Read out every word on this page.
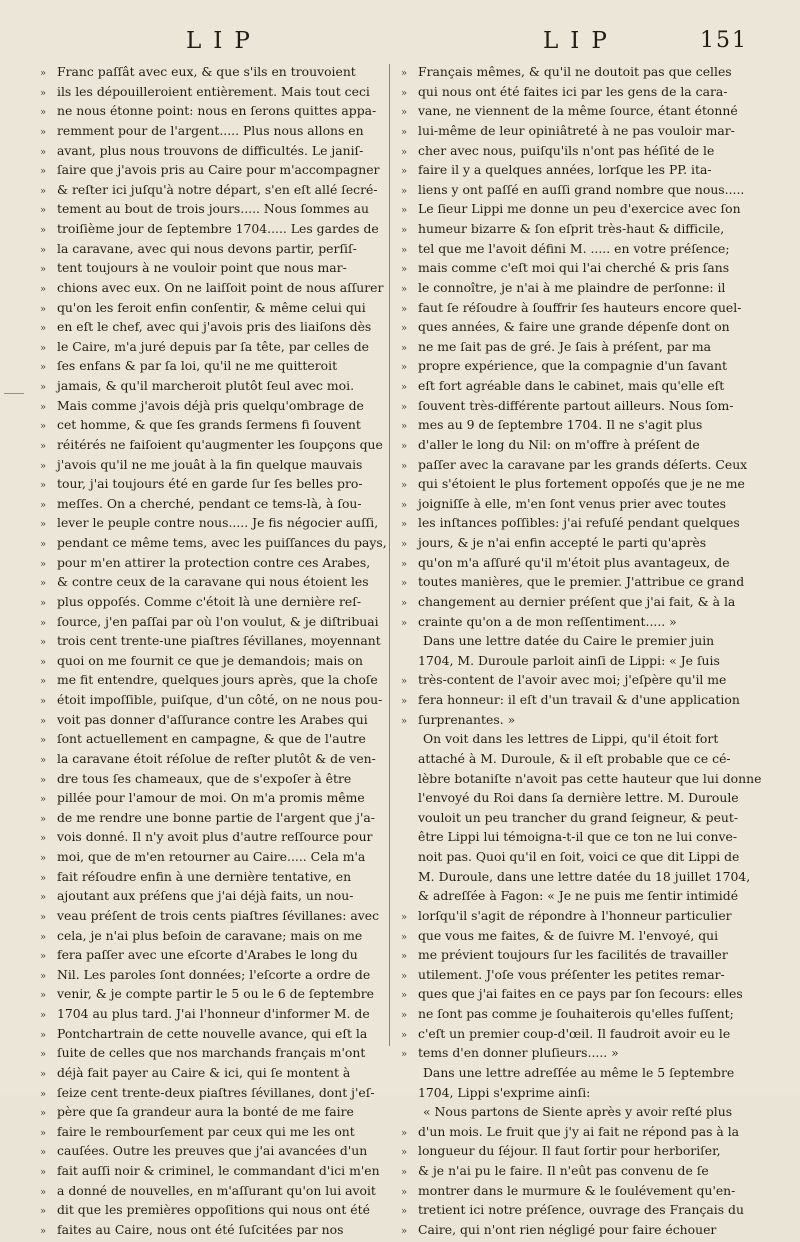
LIP	LIP	151
» Franc paſſât avec eux, & que s'ils en trouvoient
» ils les dépouilleroient entièrement. Mais tout ceci
» ne nous étonne point: nous en ſerons quittes appa-
» remment pour de l'argent..... Plus nous allons en
» avant, plus nous trouvons de difficultés. Le janiſ-
» ſaire que j'avois pris au Caire pour m'accompagner
» & reſter ici juſqu'à notre départ, s'en eſt allé ſecré-
» tement au bout de trois jours..... Nous ſommes au
» troiſième jour de ſeptembre 1704..... Les gardes de
» la caravane, avec qui nous devons partir, perſiſ-
» tent toujours à ne vouloir point que nous mar-
» chions avec eux. On ne laiſſoit point de nous aſſurer
» qu'on les feroit enfin conſentir, & même celui qui
» en eſt le chef, avec qui j'avois pris des liaiſons dès
» le Caire, m'a juré depuis par ſa tête, par celles de
» ſes enfans & par ſa loi, qu'il ne me quitteroit
» jamais, & qu'il marcheroit plutôt ſeul avec moi.
» Mais comme j'avois déjà pris quelqu'ombrage de
» cet homme, & que ſes grands ſermens fi ſouvent
» réitérés ne faiſoient qu'augmenter les ſoupçons que
» j'avois qu'il ne me jouât à la fin quelque mauvais
» tour, j'ai toujours été en garde ſur ſes belles pro-
» meſſes. On a cherché, pendant ce tems-là, à ſou-
» lever le peuple contre nous..... Je fis négocier auſſi,
» pendant ce même tems, avec les puiſſances du pays,
» pour m'en attirer la protection contre ces Arabes,
» & contre ceux de la caravane qui nous étoient les
» plus oppoſés. Comme c'étoit là une dernière reſ-
» ſource, j'en paſſai par où l'on voulut, & je diſtribuai
» trois cent trente-une piaſtres ſévillanes, moyennant
» quoi on me fournit ce que je demandois; mais on
» me fit entendre, quelques jours après, que la choſe
» étoit impoſſible, puiſque, d'un côté, on ne nous pou-
» voit pas donner d'aſſurance contre les Arabes qui
» ſont actuellement en campagne, & que de l'autre
» la caravane étoit réſolue de reſter plutôt & de ven-
» dre tous ſes chameaux, que de s'expoſer à être
» pillée pour l'amour de moi. On m'a promis même
» de me rendre une bonne partie de l'argent que j'a-
» vois donné. Il n'y avoit plus d'autre reſſource pour
» moi, que de m'en retourner au Caire..... Cela m'a
» fait réſoudre enfin à une dernière tentative, en
» ajoutant aux préſens que j'ai déjà faits, un nou-
» veau préſent de trois cents piaſtres ſévillanes: avec
» cela, je n'ai plus beſoin de caravane; mais on me
» fera paſſer avec une eſcorte d'Arabes le long du
» Nil. Les paroles ſont données; l'eſcorte a ordre de
» venir, & je compte partir le 5 ou le 6 de ſeptembre
» 1704 au plus tard. J'ai l'honneur d'informer M. de
» Pontchartrain de cette nouvelle avance, qui eſt la
» ſuite de celles que nos marchands français m'ont
» déjà fait payer au Caire & ici, qui ſe montent à
» ſeize cent trente-deux piaſtres ſévillanes, dont j'eſ-
» père que ſa grandeur aura la bonté de me faire
» faire le rembourſement par ceux qui me les ont
» cauſées. Outre les preuves que j'ai avancées d'un
» fait auſſi noir & criminel, le commandant d'ici m'en
» a donné de nouvelles, en m'aſſurant qu'on lui avoit
» dit que les premières oppoſitions qui nous ont été
» faites au Caire, nous ont été ſuſcitées par nos
» Français mêmes, & qu'il ne doutoit pas que celles
» qui nous ont été faites ici par les gens de la cara-
» vane, ne viennent de la même ſource, étant étonné
» lui-même de leur opiniâtreté à ne pas vouloir mar-
» cher avec nous, puiſqu'ils n'ont pas héſité de le
» faire il y a quelques années, lorſque les PP. ita-
» liens y ont paſſé en auſſi grand nombre que nous.....
» Le ſieur Lippi me donne un peu d'exercice avec ſon
» humeur bizarre & ſon eſprit très-haut & difficile,
» tel que me l'avoit défini M. ..... en votre préſence;
» mais comme c'eſt moi qui l'ai cherché & pris ſans
» le connoître, je n'ai à me plaindre de perſonne: il
» faut ſe réſoudre à ſouffrir ſes hauteurs encore quel-
» ques années, & faire une grande dépenſe dont on
» ne me ſait pas de gré. Je ſais à préſent, par ma
» propre expérience, que la compagnie d'un ſavant
» eſt fort agréable dans le cabinet, mais qu'elle eſt
» ſouvent très-différente partout ailleurs. Nous ſom-
» mes au 9 de ſeptembre 1704. Il ne s'agit plus
» d'aller le long du Nil: on m'offre à préſent de
» paſſer avec la caravane par les grands déſerts. Ceux
» qui s'étoient le plus fortement oppoſés que je ne me
» joigniſſe à elle, m'en ſont venus prier avec toutes
» les inſtances poſſibles: j'ai refuſé pendant quelques
» jours, & je n'ai enfin accepté le parti qu'après
» qu'on m'a aſſuré qu'il m'étoit plus avantageux, de
» toutes manières, que le premier. J'attribue ce grand
» changement au dernier préſent que j'ai fait, & à la
» crainte qu'on a de mon reſſentiment..... »
Dans une lettre datée du Caire le premier juin
1704, M. Duroule parloit ainſi de Lippi: « Je ſuis
» très-content de l'avoir avec moi; j'eſpère qu'il me
» fera honneur: il eſt d'un travail & d'une application
» ſurprenantes. »
On voit dans les lettres de Lippi, qu'il étoit fort
attaché à M. Duroule, & il eſt probable que ce cé-
lèbre botaniſte n'avoit pas cette hauteur que lui donne
l'envoyé du Roi dans ſa dernière lettre. M. Duroule
vouloit un peu trancher du grand ſeigneur, & peut-
être Lippi lui témoigna-t-il que ce ton ne lui conve-
noit pas. Quoi qu'il en ſoit, voici ce que dit Lippi de
M. Duroule, dans une lettre datée du 18 juillet 1704,
& adreſſée à Fagon: « Je ne puis me ſentir intimidé
» lorſqu'il s'agit de répondre à l'honneur particulier
» que vous me faites, & de ſuivre M. l'envoyé, qui
» me prévient toujours ſur les facilités de travailler
» utilement. J'oſe vous préſenter les petites remar-
» ques que j'ai faites en ce pays par ſon ſecours: elles
» ne ſont pas comme je ſouhaiterois qu'elles fuſſent;
» c'eſt un premier coup-d'œil. Il faudroit avoir eu le
» tems d'en donner pluſieurs..... »
Dans une lettre adreſſée au même le 5 ſeptembre
1704, Lippi s'exprime ainſi:
« Nous partons de Siente après y avoir reſté plus
» d'un mois. Le fruit que j'y ai fait ne répond pas à la
» longueur du ſéjour. Il faut ſortir pour herboriſer,
» & je n'ai pu le faire. Il n'eût pas convenu de ſe
» montrer dans le murmure & le ſoulévement qu'en-
» tretient ici notre préſence, ouvrage des Français du
» Caire, qui n'ont rien négligé pour faire échouer
